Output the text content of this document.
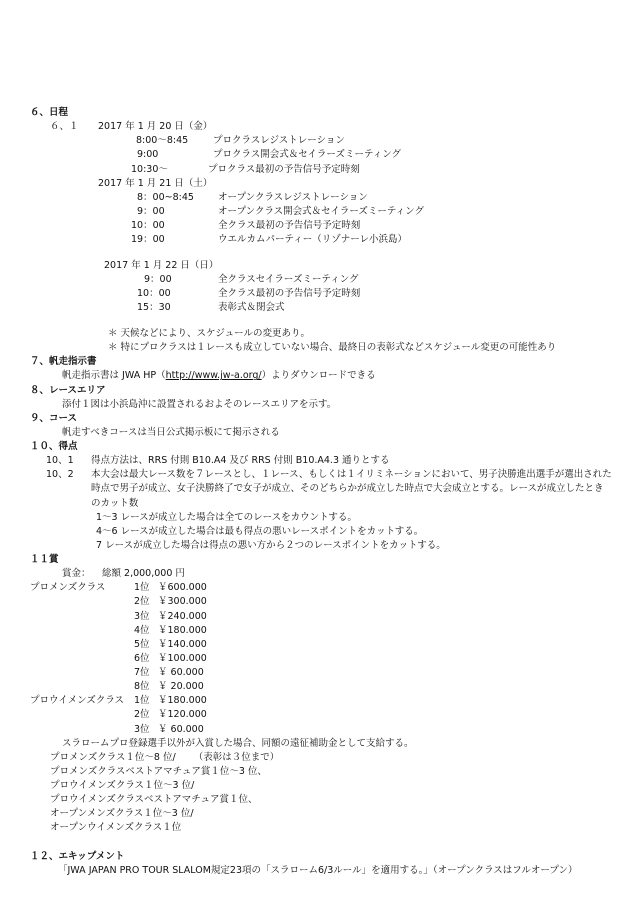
６、日程
６、１ 2017 年 1 月 20 日（金）
8:00〜8:45	プロクラスレジストレーション
9:00	プロクラス開会式＆セイラーズミーティング
10:30〜	プロクラス最初の予告信号予定時刻
2017 年 1 月 21 日（土）
8：00~8:45	オープンクラスレジストレーション
9：00	オープンクラス開会式＆セイラーズミーティング
10：00	全クラス最初の予告信号予定時刻
19：00	ウエルカムパーティー（リゾナーレ小浜島）
2017 年 1 月 22 日（日）
9：00	全クラスセイラーズミーティング
10：00	全クラス最初の予告信号予定時刻
15：30	表彰式＆閉会式
＊ 天候などにより、スケジュールの変更あり。
＊ 特にプロクラスは１レースも成立していない場合、最終日の表彰式などスケジュール変更の可能性あり
７、帆走指示書
帆走指示書は JWA HP（http://www.jw-a.org/）よりダウンロードできる
８、レースエリア
添付１図は小浜島沖に設置されるおよそのレースエリアを示す。
９、コース
帆走すべきコースは当日公式掲示板にて掲示される
１０、得点
10、1 得点方法は、RRS 付則 B10.A4 及び RRS 付則 B10.A4.3 通りとする
10、2 本大会は最大レース数を７レースとし、１レース、もしくは１イリミネーションにおいて、男子決勝進出選手が選出された
時点で男子が成立、女子決勝終了で女子が成立、そのどちらかが成立した時点で大会成立とする。レースが成立したとき
のカット数
1〜3 レースが成立した場合は全てのレースをカウントする。
4〜6 レースが成立した場合は最も得点の悪いレースポイントをカットする。
7 レースが成立した場合は得点の悪い方から２つのレースポイントをカットする。
１１賞
賞金： 総額 2,000,000 円
プロメンズクラス	1位 ￥600.000
2位 ￥300.000
3位 ￥240.000
4位 ￥180.000
5位 ￥140.000
6位 ￥100.000
7位 ￥ 60.000
8位 ￥ 20.000
プロウイメンズクラス 1位 ￥180.000
2位 ￥120.000
3位 ￥ 60.000
スラロームプロ登録選手以外が入賞した場合、同額の遠征補助金として支給する。
プロメンズクラス１位〜8 位/ （表彰は３位まで）
プロメンズクラスベストアマチュア賞１位〜3 位、
プロウイメンズクラス１位〜3 位/
プロウイメンズクラスベストアマチュア賞１位、
オープンメンズクラス１位〜3 位/
オープンウイメンズクラス１位
１２、エキップメント
「JWA JAPAN PRO TOUR SLALOM規定23項の「スラローム6/3ルール」を適用する。」（オープンクラスはフルオープン）
